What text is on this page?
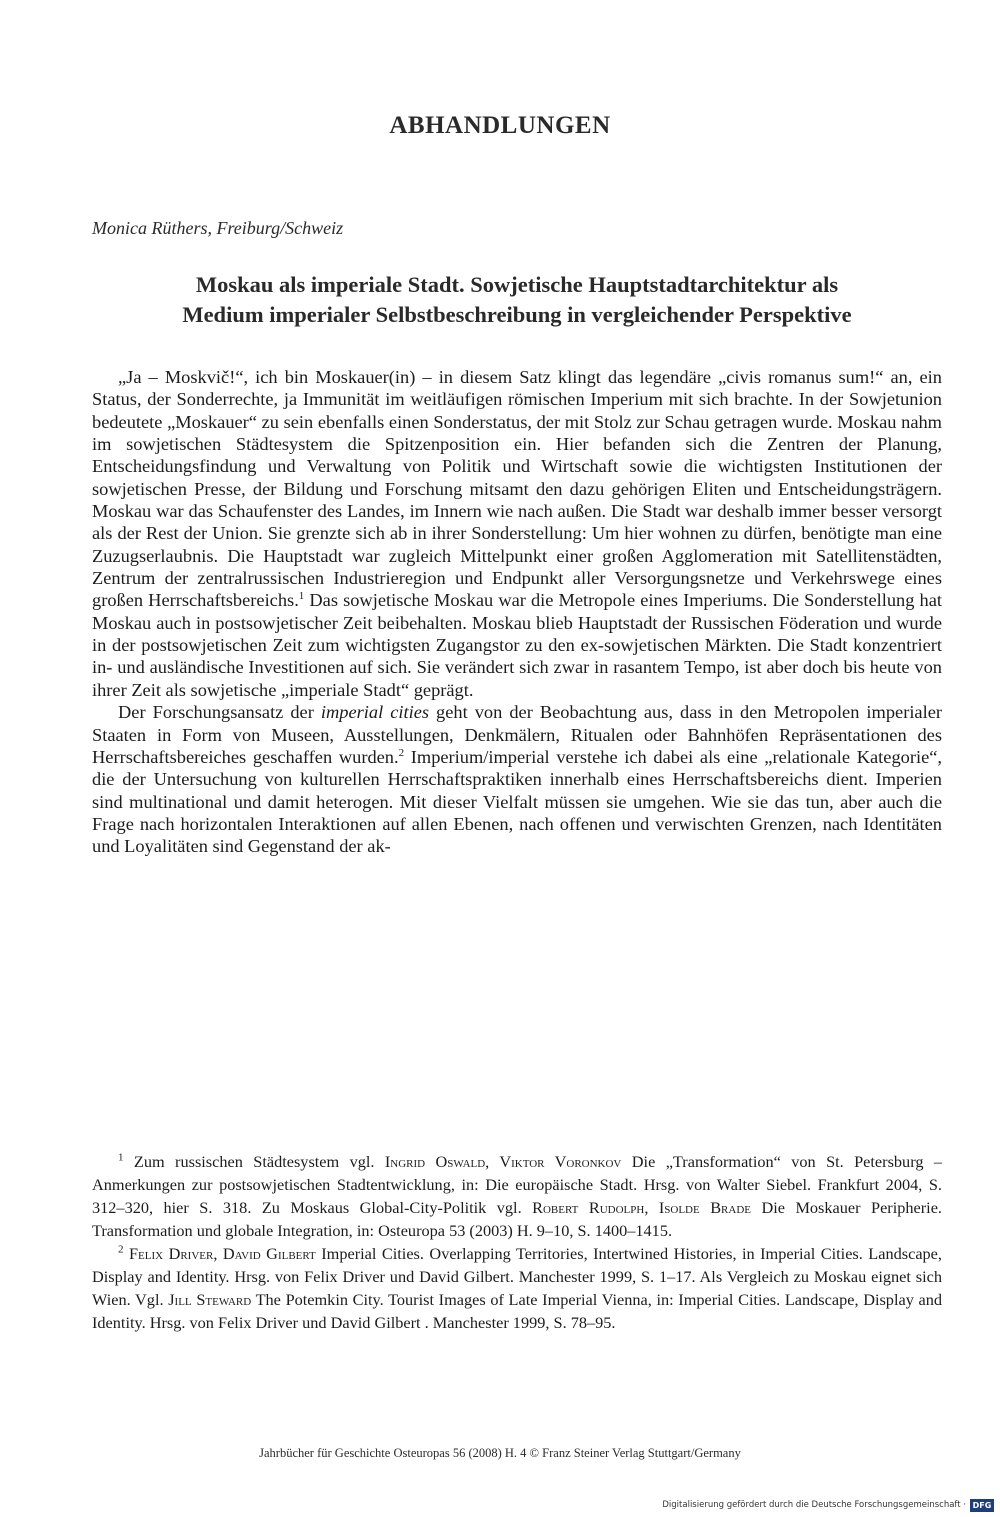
ABHANDLUNGEN
Monica Rüthers, Freiburg/Schweiz
Moskau als imperiale Stadt. Sowjetische Hauptstadtarchitektur als
Medium imperialer Selbstbeschreibung in vergleichender Perspektive

„Ja – Moskvič!“, ich bin Moskauer(in) – in diesem Satz klingt das legendäre „civis romanus sum!“ an, ein Status, der Sonderrechte, ja Immunität im weitläufigen römischen Imperium mit sich brachte. In der Sowjetunion bedeutete „Moskauer“ zu sein ebenfalls einen Sonderstatus, der mit Stolz zur Schau getragen wurde. Moskau nahm im sowjetischen Städtesystem die Spitzenposition ein. Hier befanden sich die Zentren der Planung, Entscheidungsfindung und Verwaltung von Politik und Wirtschaft sowie die wichtigsten Institutionen der sowjetischen Presse, der Bildung und Forschung mitsamt den dazu gehörigen Eliten und Entscheidungsträgern. Moskau war das Schaufenster des Landes, im Innern wie nach außen. Die Stadt war deshalb immer besser versorgt als der Rest der Union. Sie grenzte sich ab in ihrer Sonderstellung: Um hier wohnen zu dürfen, benötigte man eine Zuzugserlaubnis. Die Hauptstadt war zugleich Mittelpunkt einer großen Agglomeration mit Satellitenstädten, Zentrum der zentralrussischen Industrieregion und Endpunkt aller Versorgungsnetze und Verkehrswege eines großen Herrschaftsbereichs.$^1$ Das sowjetische Moskau war die Metropole eines Imperiums. Die Sonderstellung hat Moskau auch in postsowjetischer Zeit beibehalten. Moskau blieb Hauptstadt der Russischen Föderation und wurde in der postsowjetischen Zeit zum wichtigsten Zugangstor zu den ex-sowjetischen Märkten. Die Stadt konzentriert in- und ausländische Investitionen auf sich. Sie verändert sich zwar in rasantem Tempo, ist aber doch bis heute von ihrer Zeit als sowjetische „imperiale Stadt“ geprägt.

Der Forschungsansatz der imperial cities geht von der Beobachtung aus, dass in den Metropolen imperialer Staaten in Form von Museen, Ausstellungen, Denkmälern, Ritualen oder Bahnhöfen Repräsentationen des Herrschaftsbereiches geschaffen wurden.$^2$ Imperium/imperial verstehe ich dabei als eine „relationale Kategorie“, die der Untersuchung von kulturellen Herrschaftspraktiken innerhalb eines Herrschaftsbereichs dient. Imperien sind multinational und damit heterogen. Mit dieser Vielfalt müssen sie umgehen. Wie sie das tun, aber auch die Frage nach horizontalen Interaktionen auf allen Ebenen, nach offenen und verwischten Grenzen, nach Identitäten und Loyalitäten sind Gegenstand der ak-

$^1$ Zum russischen Städtesystem vgl. Ingrid Oswald, Viktor Voronkov Die „Transformation“ von St. Petersburg – Anmerkungen zur postsowjetischen Stadtentwicklung, in: Die europäische Stadt. Hrsg. von Walter Siebel. Frankfurt 2004, S. 312–320, hier S. 318. Zu Moskaus Global-City-Politik vgl. Robert Rudolph, Isolde Brade Die Moskauer Peripherie. Transformation und globale Integration, in: Osteuropa 53 (2003) H. 9–10, S. 1400–1415.

$^2$ Felix Driver, David Gilbert Imperial Cities. Overlapping Territories, Intertwined Histories, in Imperial Cities. Landscape, Display and Identity. Hrsg. von Felix Driver und David Gilbert. Manchester 1999, S. 1–17. Als Vergleich zu Moskau eignet sich Wien. Vgl. Jill Steward The Potemkin City. Tourist Images of Late Imperial Vienna, in: Imperial Cities. Landscape, Display and Identity. Hrsg. von Felix Driver und David Gilbert . Manchester 1999, S. 78–95.

Jahrbücher für Geschichte Osteuropas 56 (2008) H. 4 © Franz Steiner Verlag Stuttgart/Germany
Digitalisierung gefördert durch die Deutsche Forschungsgemeinschaft · DFG
